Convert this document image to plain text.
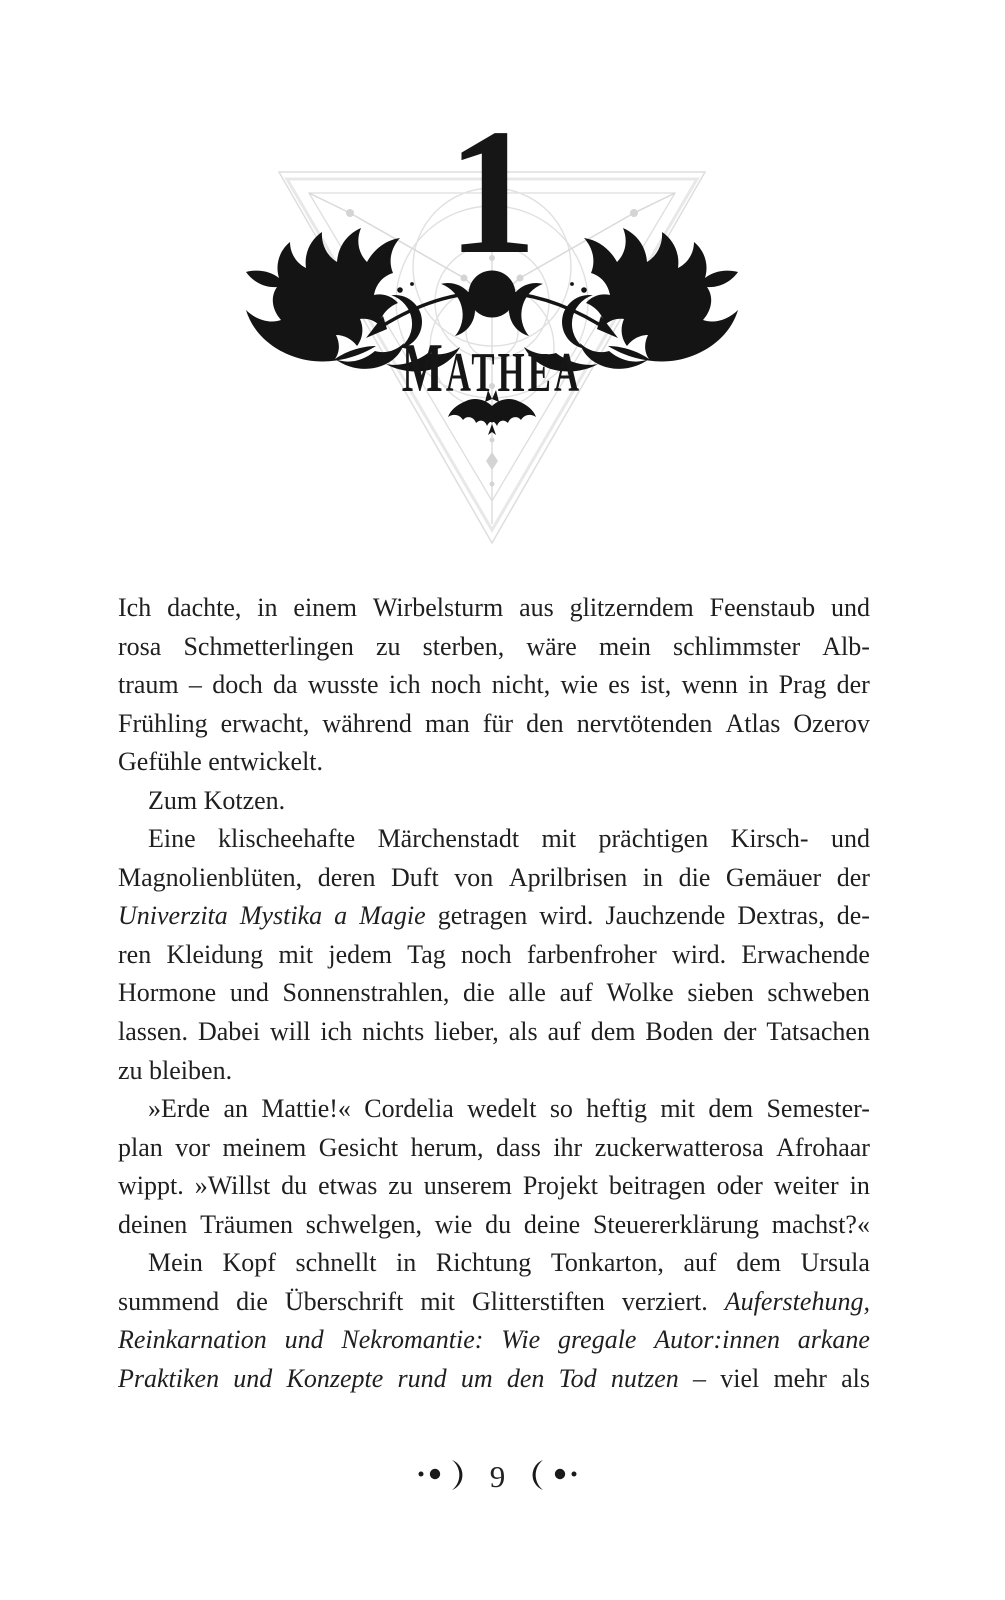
1
MATHEA
Ich dachte, in einem Wirbelsturm aus glitzerndem Feenstaub und
rosa Schmetterlingen zu sterben, wäre mein schlimmster Alb-
traum – doch da wusste ich noch nicht, wie es ist, wenn in Prag der
Frühling erwacht, während man für den nervtötenden Atlas Ozerov
Gefühle entwickelt.
Zum Kotzen.
Eine klischeehafte Märchenstadt mit prächtigen Kirsch- und
Magnolienblüten, deren Duft von Aprilbrisen in die Gemäuer der
Univerzita Mystika a Magie getragen wird. Jauchzende Dextras, de-
ren Kleidung mit jedem Tag noch farbenfroher wird. Erwachende
Hormone und Sonnenstrahlen, die alle auf Wolke sieben schweben
lassen. Dabei will ich nichts lieber, als auf dem Boden der Tatsachen
zu bleiben.
»Erde an Mattie!« Cordelia wedelt so heftig mit dem Semester-
plan vor meinem Gesicht herum, dass ihr zuckerwatterosa Afrohaar
wippt. »Willst du etwas zu unserem Projekt beitragen oder weiter in
deinen Träumen schwelgen, wie du deine Steuererklärung machst?«
Mein Kopf schnellt in Richtung Tonkarton, auf dem Ursula
summend die Überschrift mit Glitterstiften verziert. Auferstehung,
Reinkarnation und Nekromantie: Wie gregale Autor:innen arkane
Praktiken und Konzepte rund um den Tod nutzen – viel mehr als
9
